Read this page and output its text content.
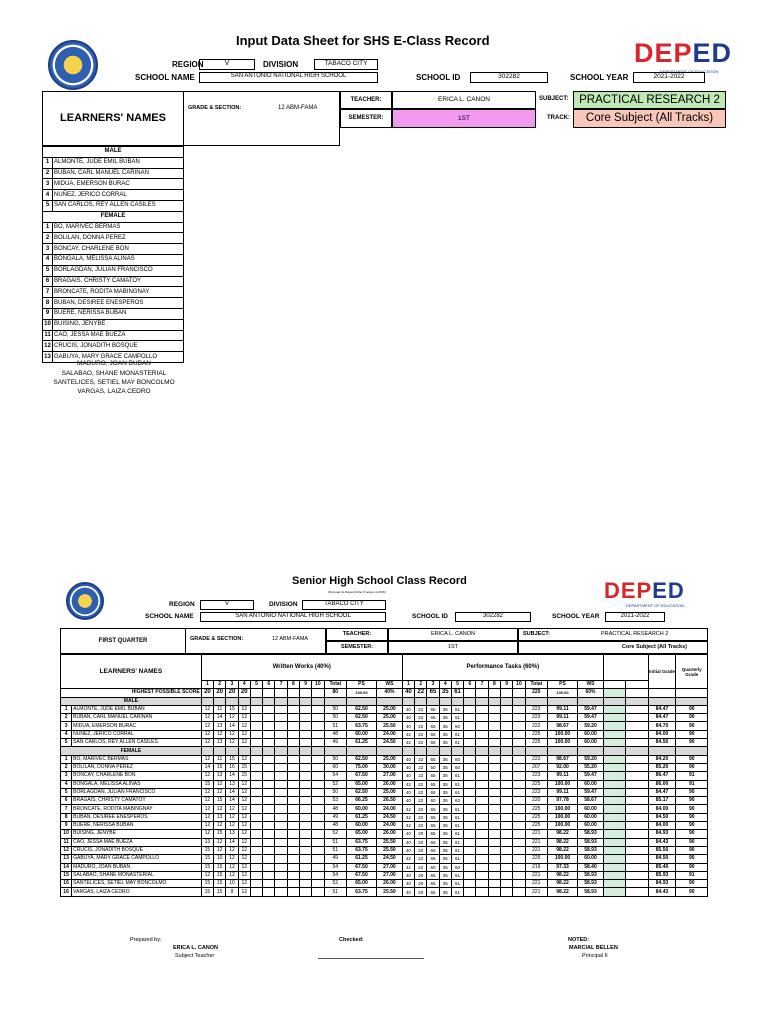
Input Data Sheet for SHS E-Class Record	DEPED
DEPARTMENT OF EDUCATION
REGION	V	DIVISION	TABACO CITY
SCHOOL NAME	SAN ANTONIO NATIONAL HIGH SCHOOL	SCHOOL ID	302282	SCHOOL YEAR	2021-2022
LEARNERS' NAMES
GRADE & SECTION:	12 ABM-FAMA
TEACHER:	ERICA L. CANON
SEMESTER:	1ST
SUBJECT: PRACTICAL RESEARCH 2
TRACK:	Core Subject (All Tracks)
MALE	
1	ALMONTE, JUDE EMIL BUBAN
2	BUBAN, CARL MANUEL CARINAN
3	MIDUA, EMERSON BURAC
4	NUÑEZ, JERICO CORRAL
5	SAN CARLOS, REY ALLEN CASILES
FEMALE	
1	BO, MARIVEC BERMAS
2	BOLILAN, DONNA PEREZ
3	BONCAY, CHARLENE BON
4	BONGALA, MELISSA ALINAS
5	BORLAGDAN, JULIAN FRANCISCO
6	BRAGAIS, CHRISTY CAMATOY
7	BRONCATE, RODITA MABINGNAY
8	BUBAN, DESIREE ENESPEROS
9	BUERE, NERISSA BUBAN
10	BUISING, JENYBE
11	CAO, JESSA MAE BUEZA
12	CRUCIS, JONADITH BOSQUE
13	GABUYA, MARY GRACE CAMPOLLO
MADURO, JOAN BUBAN
SALABAO, SHANE MONASTERIAL
SANTELICES, SETIEL MAY BONCOLMO
VARGAS, LAIZA CEDRO
Senior High School Class Record
(Pursuant to Deped Order 8 series of 2015)	DEPED
DEPARTMENT OF EDUCATION
REGION	V	DIVISION	TABACO CITY
SCHOOL NAME	SAN ANTONIO NATIONAL HIGH SCHOOL	SCHOOL ID	302282	SCHOOL YEAR	2021-2022
FIRST QUARTER	GRADE & SECTION:	12 ABM-FAMA
TEACHER:	ERICA L. CANON
SEMESTER:	1ST
SUBJECT:	PRACTICAL RESEARCH 2
Core Subject (All Tracks)
LEARNERS' NAMES		Written Works (40%)													Performance Tasks (60%)															Initial Grade	Quarterly Grade
		1	2	3	4	5	6	7	8	9	10	Total	PS	WS	1	2	3	4	5	6	7	8	9	10	Total	PS	WS				
HIGHEST POSSIBLE SCORE		20	20	20	20							80	100.00	40%	40	22	65	35	61						225	100.00	60%				
MALE																															
1	ALMONTE, JUDE EMIL BUBAN	12	11	15	12							50	62.50	25.00	40	22	65	35	61						223	99.11	59.47			84.47	90
2	BUBAN, CARL MANUEL CARINAN	12	14	12	12							50	62.50	25.00	40	22	65	35	61						223	99.11	59.47			84.47	90
3	MIDUA, EMERSON BURAC	12	13	14	12							51	63.75	25.50	40	22	65	35	60						222	98.67	59.20			84.70	90
4	NUÑEZ, JERICO CORRAL	12	12	12	12							48	60.00	24.00	42	22	65	35	61						225	100.00	60.00			84.00	90
5	SAN CARLOS, REY ALLEN CASILES	12	13	12	12							49	61.25	24.50	42	22	65	35	61						225	100.00	60.00			84.50	90
FEMALE																															
1	BO, MARIVEC BERMAS	12	11	15	12							50	62.50	25.00	40	22	65	35	60						222	98.67	59.20			84.20	90
2	BOLILAN, DONNA PEREZ	14	15	16	15							60	75.00	30.00	40	22	50	35	60						207	92.00	55.20			85.20	90
3	BONCAY, CHARLENE BON	12	13	14	15							54	67.50	27.00	40	22	65	35	61						223	99.11	59.47			86.47	91
4	BONGALA, MELISSA ALINAS	15	12	13	12							52	65.00	26.00	42	22	65	35	61						225	100.00	60.00			86.00	91
5	BORLAGDAN, JULIAN FRANCISCO	12	12	14	12							50	62.50	25.00	40	22	65	35	61						223	99.11	59.47			84.47	90
6	BRAGAIS, CHRISTY CAMATOY	12	15	14	12							53	66.25	26.50	40	22	60	35	63						220	97.78	58.67			85.17	90
7	BRONCATE, RODITA MABINGNAY	12	12	12	12							48	60.00	24.00	42	22	65	35	61						225	100.00	60.00			84.00	90
8	BUBAN, DESIREE ENESPEROS	12	13	12	12							49	61.25	24.50	42	22	65	35	61						225	100.00	60.00			84.50	90
9	BUERE, NERISSA BUBAN	12	12	12	12							48	60.00	24.00	42	22	65	35	61						225	100.00	60.00			84.00	90
10	BUISING, JENYBE	12	15	13	12							52	65.00	26.00	40	20	65	35	61						221	98.22	58.93			84.93	90
11	CAO, JESSA MAE BUEZA	13	12	14	12							51	63.75	25.50	40	20	65	35	61						221	98.22	58.93			84.43	90
12	CRUCIS, JONADITH BOSQUE	15	12	12	12							51	63.75	25.50	40	20	65	35	61						221	98.22	58.93			85.50	90
13	GABUYA, MARY GRACE CAMPOLLO	15	10	12	12							49	61.25	24.50	42	22	65	35	61						225	100.00	60.00			84.50	90
14	MADURO, JOAN BUBAN	15	15	12	12							54	67.50	27.00	42	22	60	35	60						219	97.33	58.40			85.40	90
15	SALABAO, SHANE MONASTERIAL	12	15	12	12							54	67.50	27.00	40	20	65	35	61						221	98.22	58.93			85.93	91
16	SANTELICES, SETIEL MAY BONCOLMO	15	15	10	12							52	65.00	26.00	40	20	65	35	61						221	98.22	58.93			84.93	90
16	VARGAS, LAIZA CEDRO	15	15	9	12							51	63.75	25.50	40	20	65	35	61						221	98.22	58.93			84.43	90
Prepared by:
ERICA L. CANON
Subject Teacher
Checked:	NOTED:
MARCIAL BELLEN
Principal II
